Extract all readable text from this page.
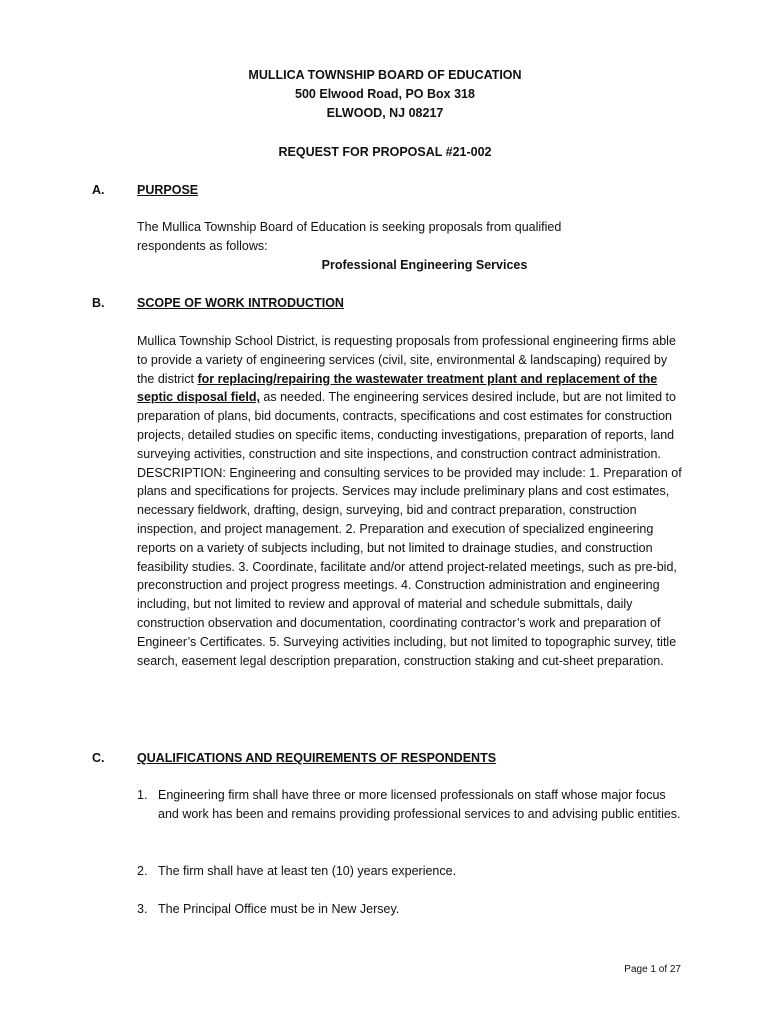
MULLICA TOWNSHIP BOARD OF EDUCATION
500 Elwood Road, PO Box 318
ELWOOD, NJ 08217
REQUEST FOR PROPOSAL #21-002
A.	PURPOSE

The Mullica Township Board of Education is seeking proposals from qualified respondents as follows:

Professional Engineering Services
B.	SCOPE OF WORK INTRODUCTION

Mullica Township School District, is requesting proposals from professional engineering firms able to provide a variety of engineering services (civil, site, environmental & landscaping) required by the district for replacing/repairing the wastewater treatment plant and replacement of the septic disposal field, as needed. The engineering services desired include, but are not limited to preparation of plans, bid documents, contracts, specifications and cost estimates for construction projects, detailed studies on specific items, conducting investigations, preparation of reports, land surveying activities, construction and site inspections, and construction contract administration. DESCRIPTION: Engineering and consulting services to be provided may include: 1. Preparation of plans and specifications for projects. Services may include preliminary plans and cost estimates, necessary fieldwork, drafting, design, surveying, bid and contract preparation, construction inspection, and project management. 2. Preparation and execution of specialized engineering reports on a variety of subjects including, but not limited to drainage studies, and construction feasibility studies. 3. Coordinate, facilitate and/or attend project-related meetings, such as pre-bid, preconstruction and project progress meetings. 4. Construction administration and engineering including, but not limited to review and approval of material and schedule submittals, daily construction observation and documentation, coordinating contractor’s work and preparation of Engineer’s Certificates. 5. Surveying activities including, but not limited to topographic survey, title search, easement legal description preparation, construction staking and cut-sheet preparation.

C.	QUALIFICATIONS AND REQUIREMENTS OF RESPONDENTS
1. Engineering firm shall have three or more licensed professionals on staff whose major focus and work has been and remains providing professional services to and advising public entities.
2. The firm shall have at least ten (10) years experience.
3. The Principal Office must be in New Jersey.
Page 1 of 27
